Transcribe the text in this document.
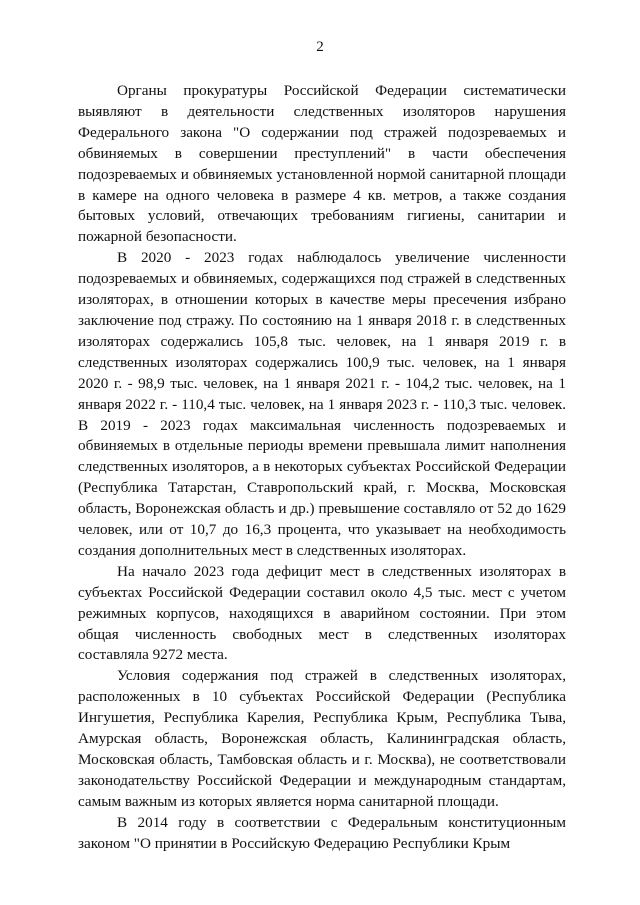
2

Органы прокуратуры Российской Федерации систематически выявляют в деятельности следственных изоляторов нарушения Федерального закона "О содержании под стражей подозреваемых и обвиняемых в совершении преступлений" в части обеспечения подозреваемых и обвиняемых установленной нормой санитарной площади в камере на одного человека в размере 4 кв. метров, а также создания бытовых условий, отвечающих требованиям гигиены, санитарии и пожарной безопасности.

В 2020 - 2023 годах наблюдалось увеличение численности подозреваемых и обвиняемых, содержащихся под стражей в следственных изоляторах, в отношении которых в качестве меры пресечения избрано заключение под стражу. По состоянию на 1 января 2018 г. в следственных изоляторах содержались 105,8 тыс. человек, на 1 января 2019 г. в следственных изоляторах содержались 100,9 тыс. человек, на 1 января 2020 г. - 98,9 тыс. человек, на 1 января 2021 г. - 104,2 тыс. человек, на 1 января 2022 г. - 110,4 тыс. человек, на 1 января 2023 г. - 110,3 тыс. человек. В 2019 - 2023 годах максимальная численность подозреваемых и обвиняемых в отдельные периоды времени превышала лимит наполнения следственных изоляторов, а в некоторых субъектах Российской Федерации (Республика Татарстан, Ставропольский край, г. Москва, Московская область, Воронежская область и др.) превышение составляло от 52 до 1629 человек, или от 10,7 до 16,3 процента, что указывает на необходимость создания дополнительных мест в следственных изоляторах.

На начало 2023 года дефицит мест в следственных изоляторах в субъектах Российской Федерации составил около 4,5 тыс. мест с учетом режимных корпусов, находящихся в аварийном состоянии. При этом общая численность свободных мест в следственных изоляторах составляла 9272 места.

Условия содержания под стражей в следственных изоляторах, расположенных в 10 субъектах Российской Федерации (Республика Ингушетия, Республика Карелия, Республика Крым, Республика Тыва, Амурская область, Воронежская область, Калининградская область, Московская область, Тамбовская область и г. Москва), не соответствовали законодательству Российской Федерации и международным стандартам, самым важным из которых является норма санитарной площади.

В 2014 году в соответствии с Федеральным конституционным законом "О принятии в Российскую Федерацию Республики Крым
